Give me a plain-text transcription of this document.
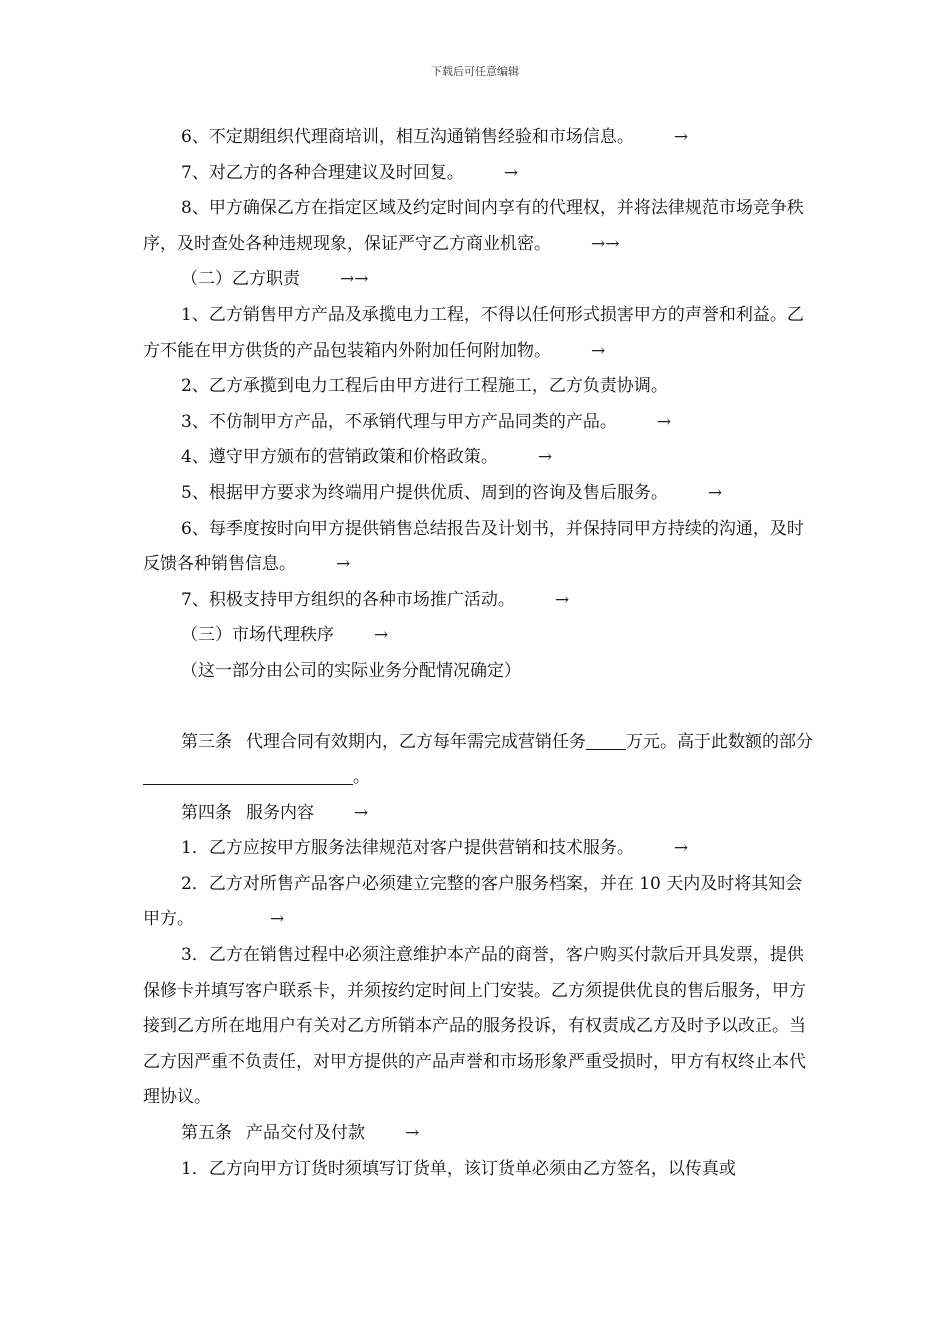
下载后可任意编辑

6、不定期组织代理商培训，相互沟通销售经验和市场信息。 →

7、对乙方的各种合理建议及时回复。 →

8、甲方确保乙方在指定区域及约定时间内享有的代理权，并将法律规范市场竞争秩序，及时查处各种违规现象，保证严守乙方商业机密。 →→

（二）乙方职责 →→

1、乙方销售甲方产品及承揽电力工程，不得以任何形式损害甲方的声誉和利益。乙方不能在甲方供货的产品包装箱内外附加任何附加物。 →

2、乙方承揽到电力工程后由甲方进行工程施工，乙方负责协调。

3、不仿制甲方产品，不承销代理与甲方产品同类的产品。 →

4、遵守甲方颁布的营销政策和价格政策。 →

5、根据甲方要求为终端用户提供优质、周到的咨询及售后服务。 →

6、每季度按时向甲方提供销售总结报告及计划书，并保持同甲方持续的沟通，及时反馈各种销售信息。 →

7、积极支持甲方组织的各种市场推广活动。 →

（三）市场代理秩序 →

（这一部分由公司的实际业务分配情况确定）

第三条 代理合同有效期内，乙方每年需完成营销任务 万元。高于此数额的部分。

第四条 服务内容 →

1．乙方应按甲方服务法律规范对客户提供营销和技术服务。 →

2．乙方对所售产品客户必须建立完整的客户服务档案，并在 10 天内及时将其知会甲方。	→

3．乙方在销售过程中必须注意维护本产品的商誉，客户购买付款后开具发票，提供保修卡并填写客户联系卡，并须按约定时间上门安装。乙方须提供优良的售后服务，甲方接到乙方所在地用户有关对乙方所销本产品的服务投诉，有权责成乙方及时予以改正。当乙方因严重不负责任，对甲方提供的产品声誉和市场形象严重受损时，甲方有权终止本代理协议。

第五条 产品交付及付款 →

1．乙方向甲方订货时须填写订货单，该订货单必须由乙方签名，以传真或
